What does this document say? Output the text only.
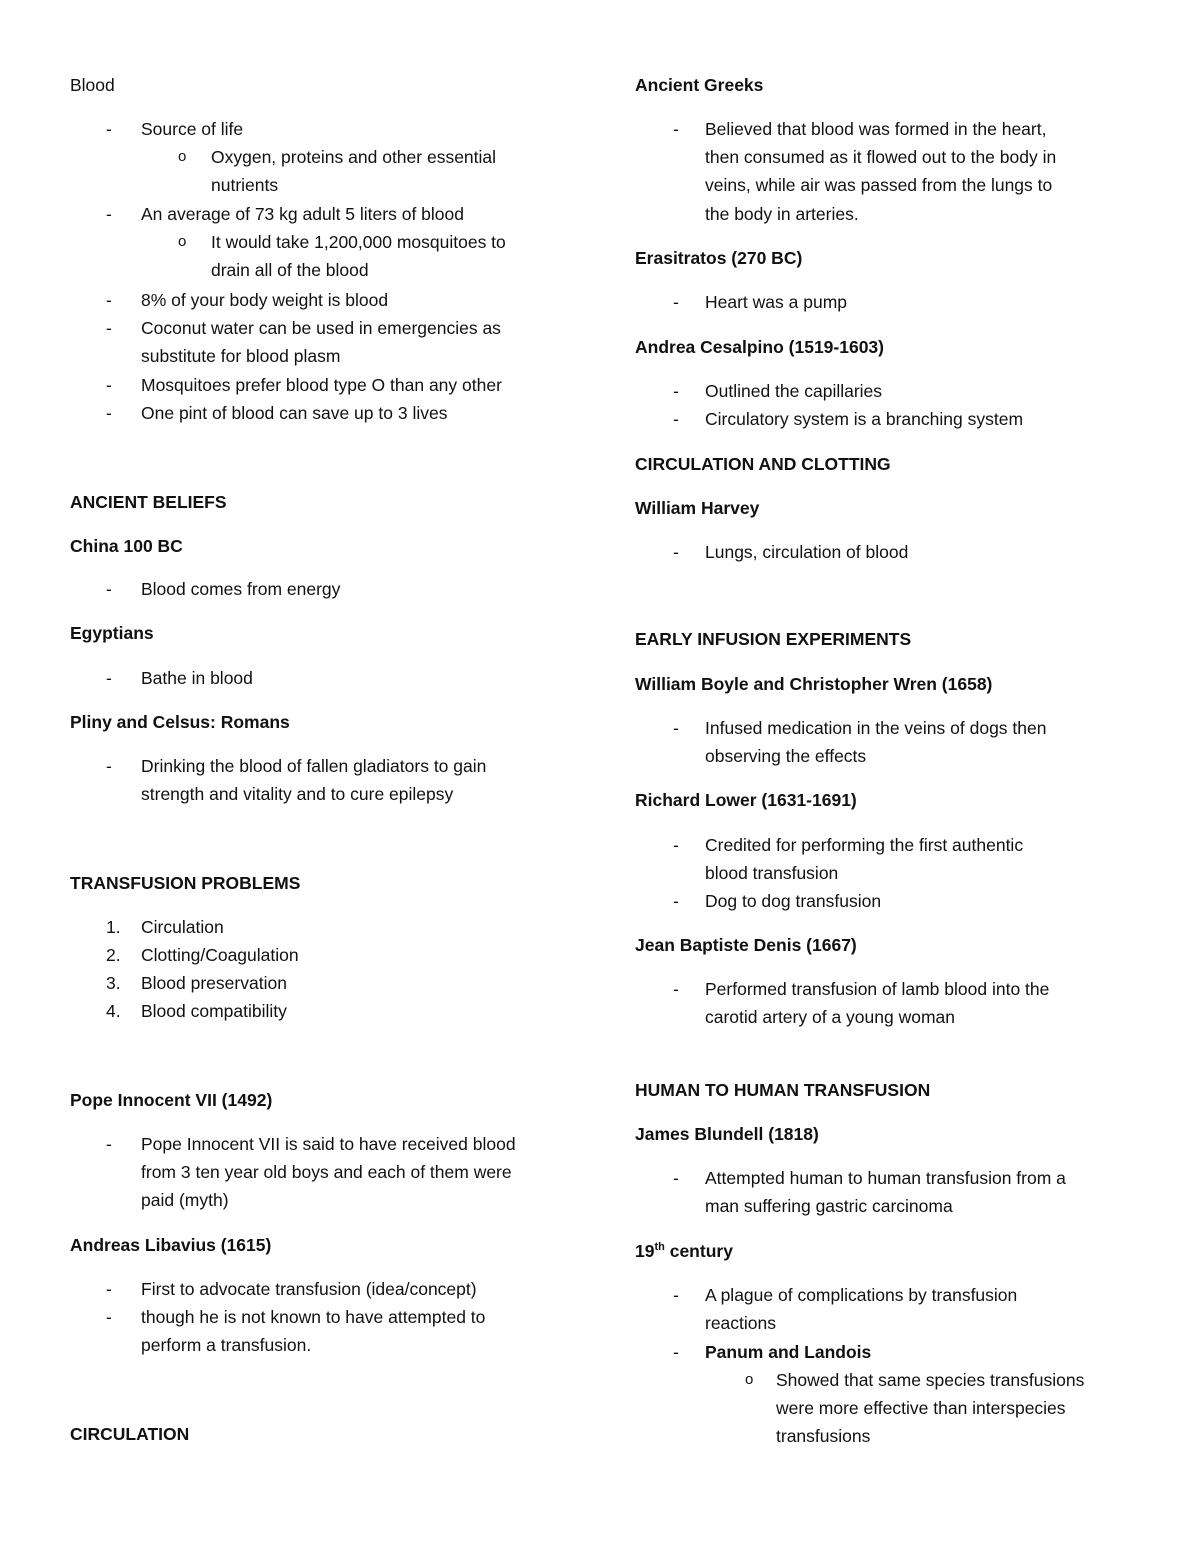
Blood
- Source of life
o Oxygen, proteins and other essential
nutrients
- An average of 73 kg adult 5 liters of blood
o It would take 1,200,000 mosquitoes to
drain all of the blood
- 8% of your body weight is blood
- Coconut water can be used in emergencies as
substitute for blood plasm
- Mosquitoes prefer blood type O than any other
- One pint of blood can save up to 3 lives
ANCIENT BELIEFS
China 100 BC
- Blood comes from energy
Egyptians
- Bathe in blood
Pliny and Celsus: Romans
- Drinking the blood of fallen gladiators to gain
strength and vitality and to cure epilepsy
TRANSFUSION PROBLEMS
1. Circulation
2. Clotting/Coagulation
3. Blood preservation
4. Blood compatibility
Pope Innocent VII (1492)
- Pope Innocent VII is said to have received blood
from 3 ten year old boys and each of them were
paid (myth)
Andreas Libavius (1615)
- First to advocate transfusion (idea/concept)
- though he is not known to have attempted to
perform a transfusion.
CIRCULATION
Ancient Greeks
- Believed that blood was formed in the heart,
then consumed as it flowed out to the body in
veins, while air was passed from the lungs to
the body in arteries.
Erasitratos (270 BC)
- Heart was a pump
Andrea Cesalpino (1519-1603)
- Outlined the capillaries
- Circulatory system is a branching system
CIRCULATION AND CLOTTING
William Harvey
- Lungs, circulation of blood
EARLY INFUSION EXPERIMENTS
William Boyle and Christopher Wren (1658)
- Infused medication in the veins of dogs then
observing the effects
Richard Lower (1631-1691)
- Credited for performing the first authentic
blood transfusion
- Dog to dog transfusion
Jean Baptiste Denis (1667)
- Performed transfusion of lamb blood into the
carotid artery of a young woman
HUMAN TO HUMAN TRANSFUSION
James Blundell (1818)
- Attempted human to human transfusion from a
man suffering gastric carcinoma
19th century
- A plague of complications by transfusion
reactions
- Panum and Landois
o Showed that same species transfusions
were more effective than interspecies
transfusions
